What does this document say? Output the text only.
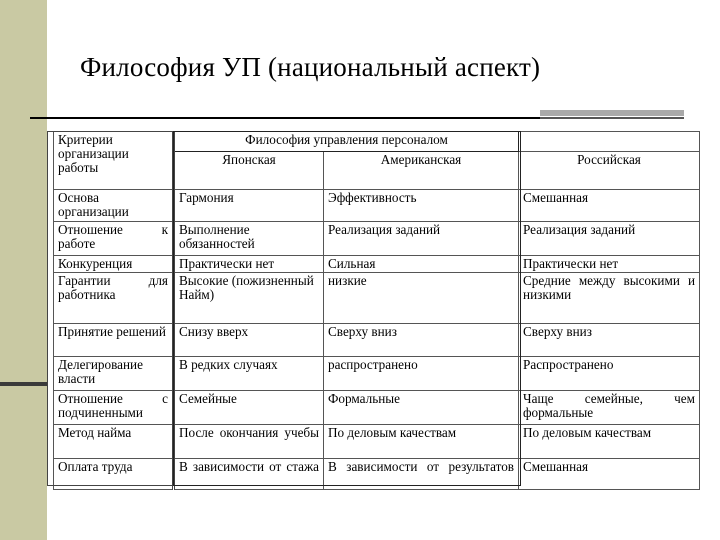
Философия УП (национальный аспект)
Критерии организации работы	Философия управления персоналом		
	Японская	Американская	Российская
Основа организации	Гармония	Эффективность	Смешанная

Отношение к работе	Выполнение обязанностей	Реализация заданий	Реализация заданий
Конкуренция	Практически нет	Сильная	Практически нет

Гарантии для работника	Высокие (пожизненный Найм)	низкие	Средние между высокими и низкими

Принятие решений	Снизу вверх	Сверху вниз	Сверху вниз
Делегирование власти	В редких случаях	распространено	Распространено

Отношение с подчиненными	Семейные	Формальные	Чаще семейные, чем формальные

Метод найма	После окончания учебы	По деловым качествам	По деловым качествам
Оплата труда	В зависимости от стажа	В зависимости от результатов	Смешанная
